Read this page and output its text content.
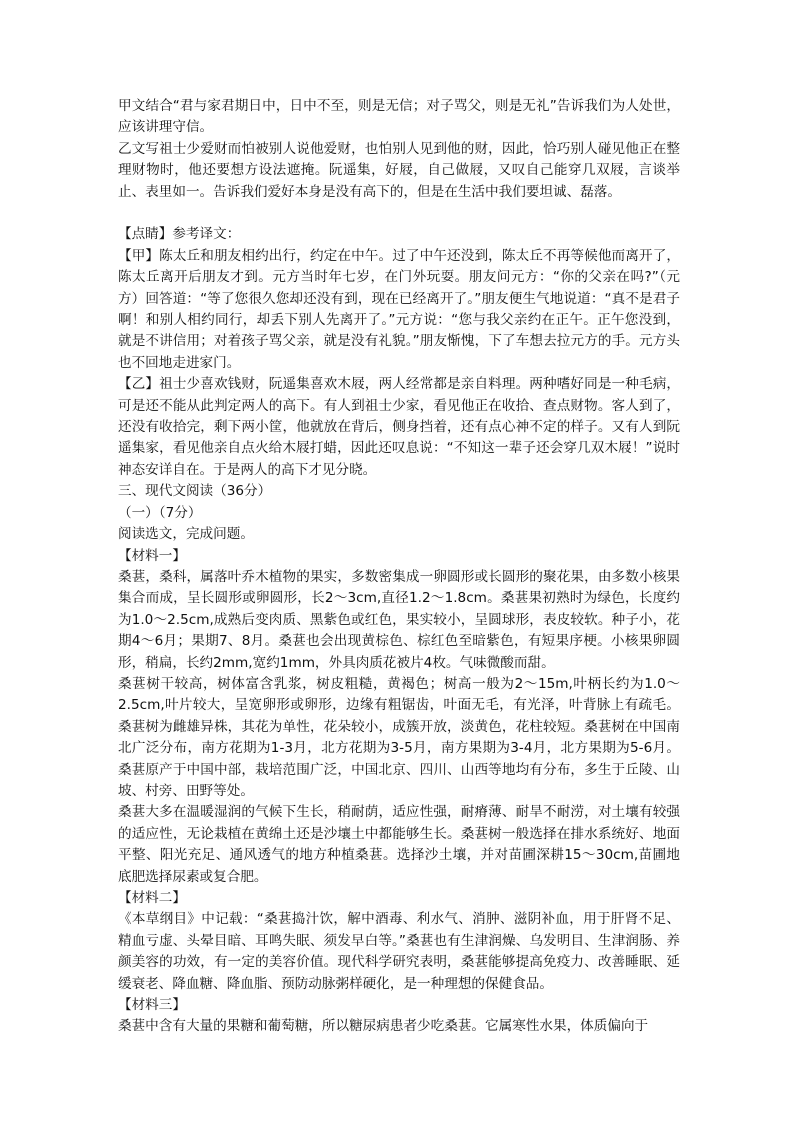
甲文结合“君与家君期日中，日中不至，则是无信；对子骂父，则是无礼”告诉我们为人处世，应该讲理守信。

乙文写祖士少爱财而怕被别人说他爱财，也怕别人见到他的财，因此，恰巧别人碰见他正在整理财物时，他还要想方设法遮掩。阮遥集，好屐，自己做屐，又叹自己能穿几双屐，言谈举止、表里如一。告诉我们爱好本身是没有高下的，但是在生活中我们要坦诚、磊落。

【点睛】参考译文：

【甲】陈太丘和朋友相约出行，约定在中午。过了中午还没到，陈太丘不再等候他而离开了，陈太丘离开后朋友才到。元方当时年七岁，在门外玩耍。朋友问元方：“你的父亲在吗?”（元方）回答道：“等了您很久您却还没有到，现在已经离开了。”朋友便生气地说道：“真不是君子啊！和别人相约同行，却丢下别人先离开了。”元方说：“您与我父亲约在正午。正午您没到，就是不讲信用；对着孩子骂父亲，就是没有礼貌。”朋友惭愧，下了车想去拉元方的手。元方头也不回地走进家门。

【乙】祖士少喜欢钱财，阮遥集喜欢木屐，两人经常都是亲自料理。两种嗜好同是一种毛病，可是还不能从此判定两人的高下。有人到祖士少家，看见他正在收拾、查点财物。客人到了，还没有收拾完，剩下两小筐，他就放在背后，侧身挡着，还有点心神不定的样子。又有人到阮遥集家，看见他亲自点火给木屐打蜡，因此还叹息说：“不知这一辈子还会穿几双木屐！”说时神态安详自在。于是两人的高下才见分晓。

三、现代文阅读（36分）

（一）（7分）

阅读选文，完成问题。

【材料一】

桑葚，桑科，属落叶乔木植物的果实，多数密集成一卵圆形或长圆形的聚花果，由多数小核果集合而成，呈长圆形或卵圆形，长2～3cm,直径1.2～1.8cm。桑葚果初熟时为绿色，长度约为1.0～2.5cm,成熟后变肉质、黑紫色或红色，果实较小，呈圆球形，表皮较软。种子小，花期4～6月；果期7、8月。桑葚也会出现黄棕色、棕红色至暗紫色，有短果序梗。小核果卵圆形，稍扁，长约2mm,宽约1mm，外具肉质花被片4枚。气味微酸而甜。

桑葚树干较高，树体富含乳浆，树皮粗糙，黄褐色；树高一般为2～15m,叶柄长约为1.0～2.5cm,叶片较大，呈宽卵形或卵形，边缘有粗锯齿，叶面无毛，有光泽，叶背脉上有疏毛。桑葚树为雌雄异株，其花为单性，花朵较小，成簇开放，淡黄色，花柱较短。桑葚树在中国南北广泛分布，南方花期为1-3月，北方花期为3-5月，南方果期为3-4月，北方果期为5-6月。桑葚原产于中国中部，栽培范围广泛，中国北京、四川、山西等地均有分布，多生于丘陵、山坡、村旁、田野等处。

桑葚大多在温暖湿润的气候下生长，稍耐荫，适应性强，耐瘠薄、耐旱不耐涝，对土壤有较强的适应性，无论栽植在黄绵土还是沙壤土中都能够生长。桑葚树一般选择在排水系统好、地面平整、阳光充足、通风透气的地方种植桑葚。选择沙土壤，并对苗圃深耕15～30cm,苗圃地底肥选择尿素或复合肥。

【材料二】

《本草纲目》中记载：“桑葚捣汁饮，解中酒毒、利水气、消肿、滋阴补血，用于肝肾不足、精血亏虚、头晕目暗、耳鸣失眠、须发早白等。”桑葚也有生津润燥、乌发明目、生津润肠、养颜美容的功效，有一定的美容价值。现代科学研究表明，桑葚能够提高免疫力、改善睡眠、延缓衰老、降血糖、降血脂、预防动脉粥样硬化，是一种理想的保健食品。

【材料三】

桑葚中含有大量的果糖和葡萄糖，所以糖尿病患者少吃桑葚。它属寒性水果，体质偏向于
